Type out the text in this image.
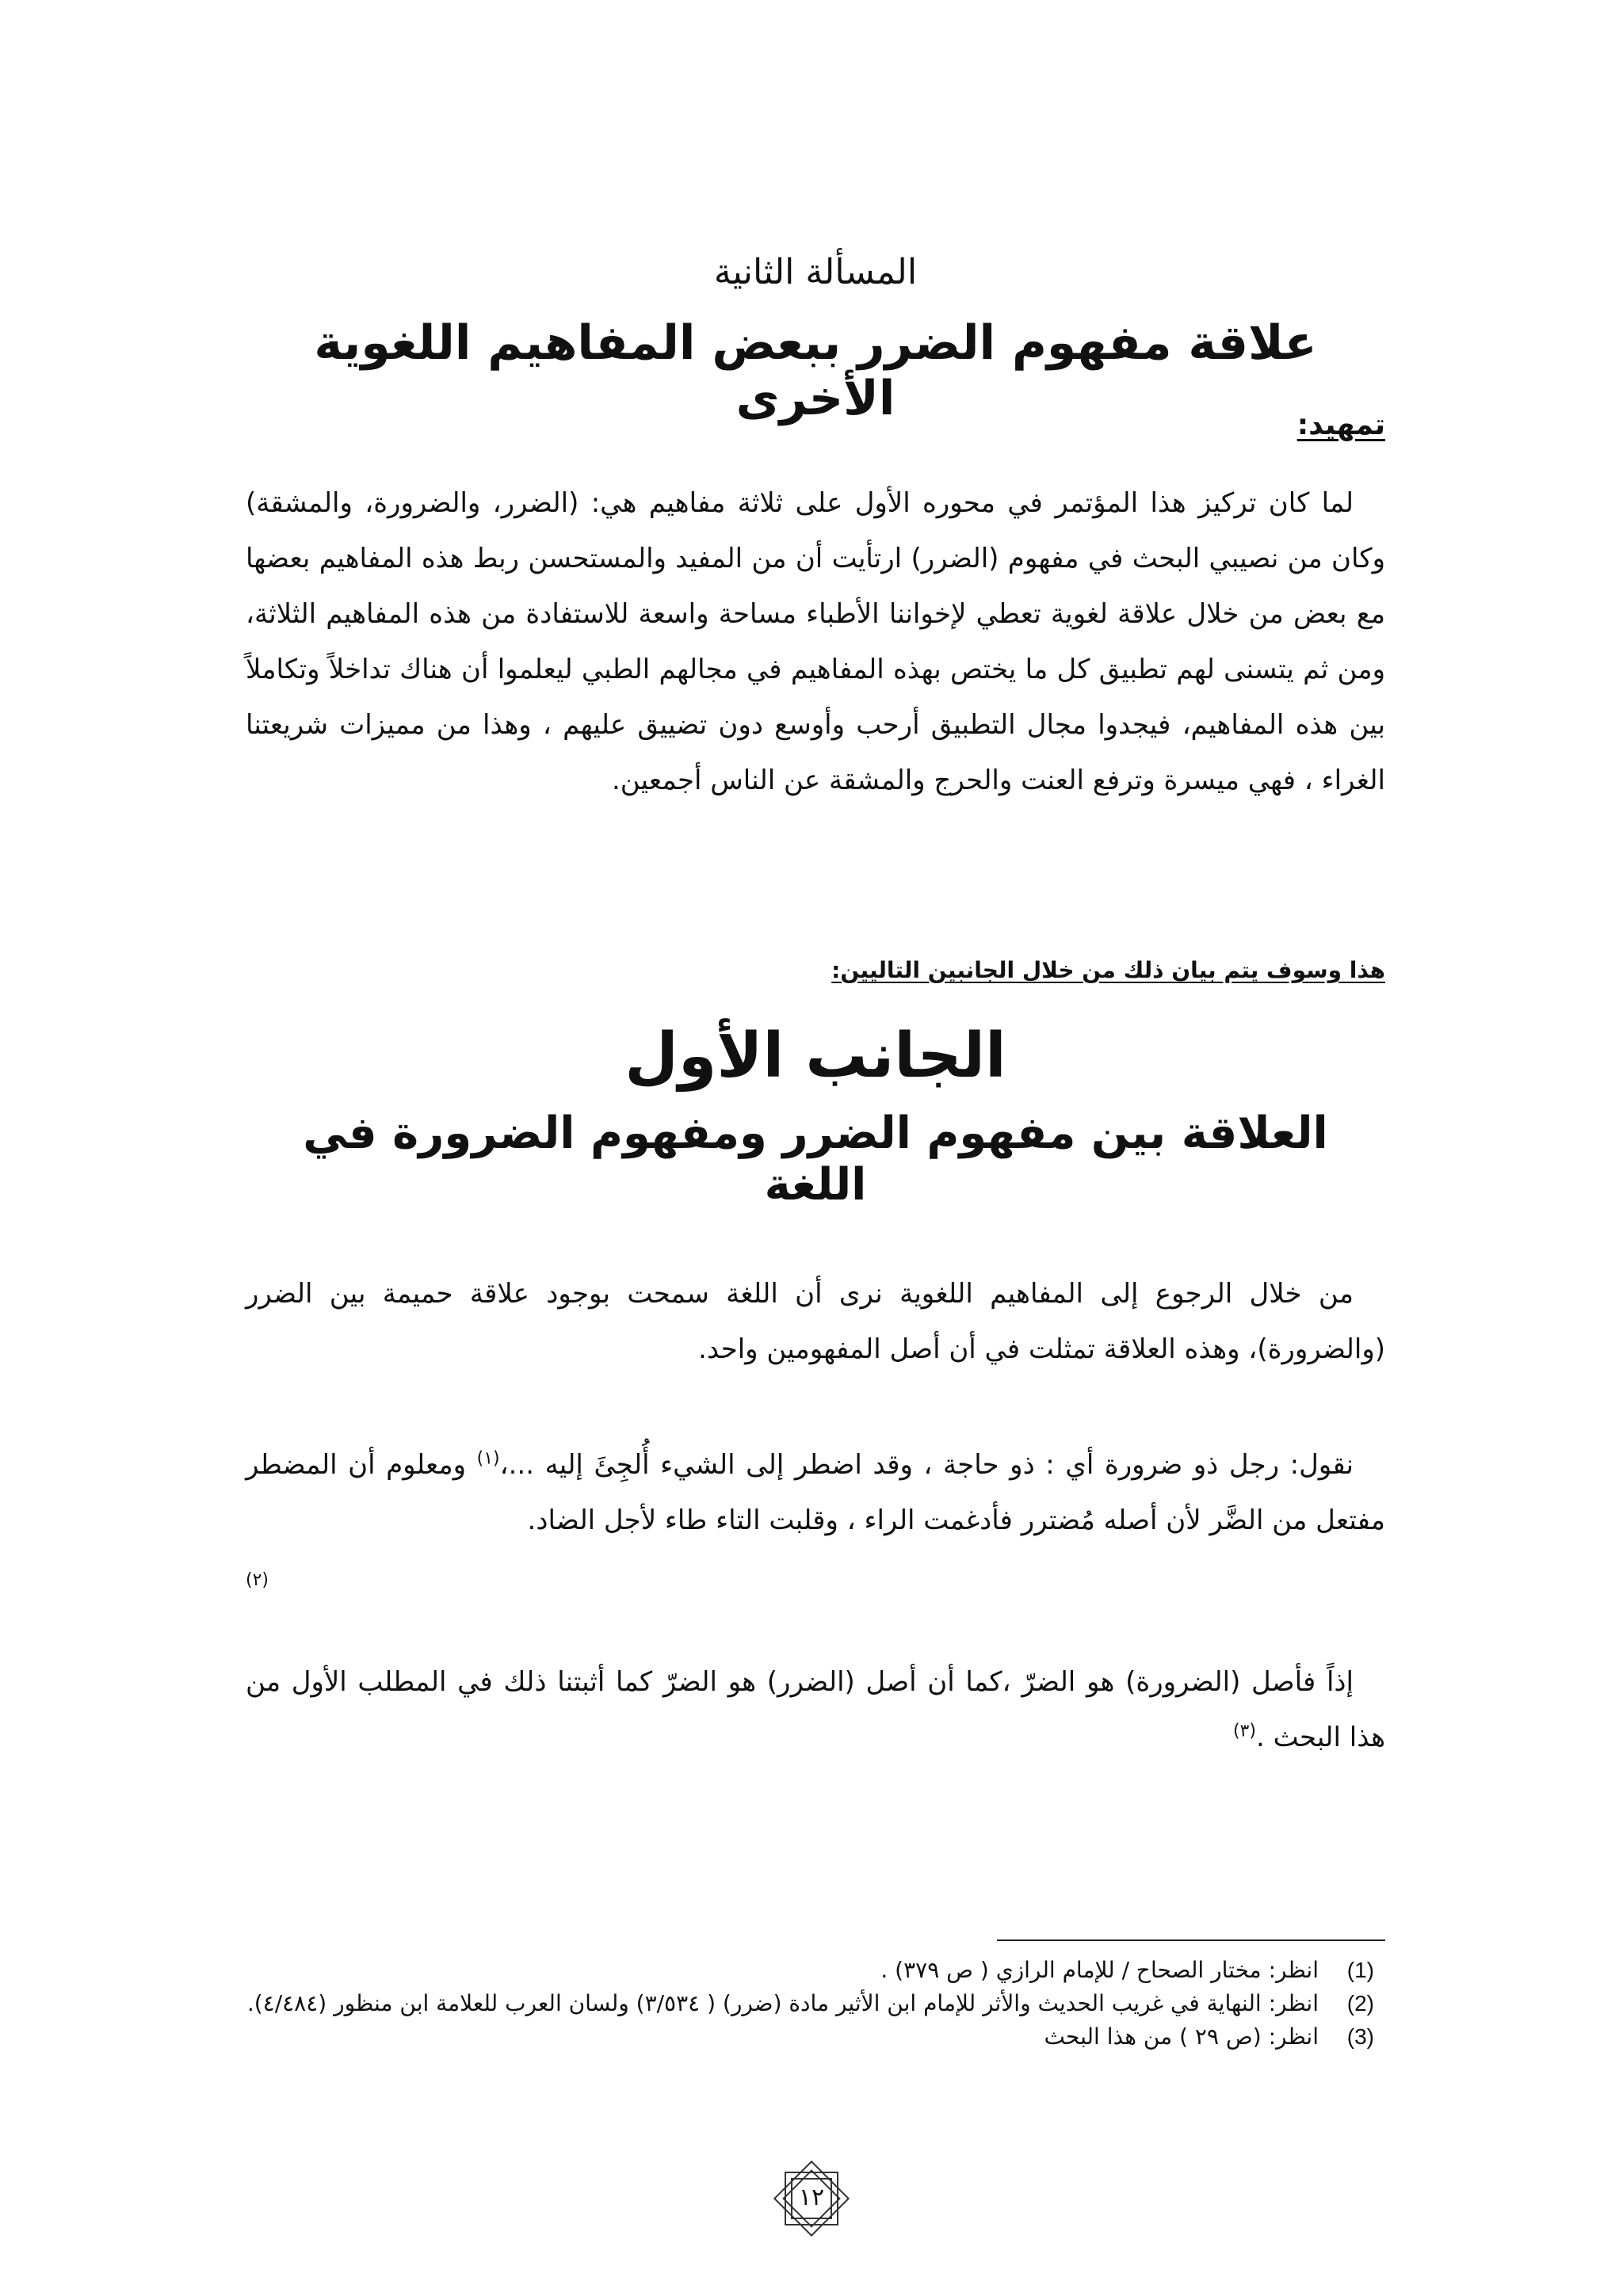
المسألة الثانية
علاقة مفهوم الضرر ببعض المفاهيم اللغوية الأخرى	تمهيد:

لما كان تركيز هذا المؤتمر في محوره الأول على ثلاثة مفاهيم هي: (الضرر، والضرورة، والمشقة) وكان من نصيبي البحث في مفهوم (الضرر) ارتأيت أن من المفيد والمستحسن ربط هذه المفاهيم بعضها مع بعض من خلال علاقة لغوية تعطي لإخواننا الأطباء مساحة واسعة للاستفادة من هذه المفاهيم الثلاثة، ومن ثم يتسنى لهم تطبيق كل ما يختص بهذه المفاهيم في مجالهم الطبي ليعلموا أن هناك تداخلاً وتكاملاً بين هذه المفاهيم، فيجدوا مجال التطبيق أرحب وأوسع دون تضييق عليهم ، وهذا من مميزات شريعتنا الغراء ، فهي ميسرة وترفع العنت والحرج والمشقة عن الناس أجمعين.

هذا وسوف يتم بيان ذلك من خلال الجانبين التاليين:
الجانب الأول
العلاقة بين مفهوم الضرر ومفهوم الضرورة في اللغة

من خلال الرجوع إلى المفاهيم اللغوية نرى أن اللغة سمحت بوجود علاقة حميمة بين الضرر (والضرورة)، وهذه العلاقة تمثلت في أن أصل المفهومين واحد.

نقول: رجل ذو ضرورة أي : ذو حاجة ، وقد اضطر إلى الشيء أُلجِئَ إليه ...،$^{(١)}$ ومعلوم أن المضطر مفتعل من الضَّر لأن أصله مُضترر فأدغمت الراء ، وقلبت التاء طاء لأجل الضاد.

(٢)

إذاً فأصل (الضرورة) هو الضرّ ،كما أن أصل (الضرر) هو الضرّ كما أثبتنا ذلك في المطلب الأول من هذا البحث .$^{(٣)}$

(1)
انظر: مختار الصحاح / للإمام الرازي ( ص ٣٧٩) .
(2)
انظر: النهاية في غريب الحديث والأثر للإمام ابن الأثير مادة (ضرر) ( ٣/٥٣٤) ولسان العرب للعلامة ابن منظور (٤/٤٨٤).
(3)
انظر: (ص ٢٩ ) من هذا البحث
١٢
